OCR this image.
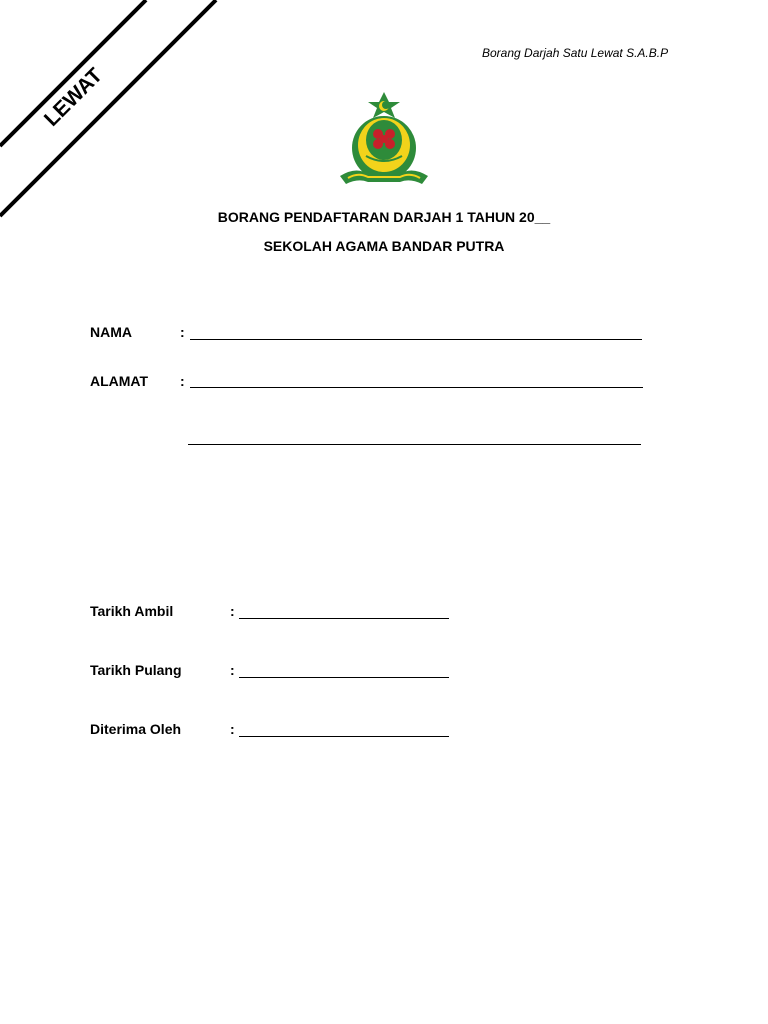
LEWAT
Borang Darjah Satu Lewat S.A.B.P
BORANG PENDAFTARAN DARJAH 1 TAHUN 20__
SEKOLAH AGAMA BANDAR PUTRA
NAMA	:
ALAMAT :
Tarikh Ambil	:
Tarikh Pulang	:
Diterima Oleh	:
